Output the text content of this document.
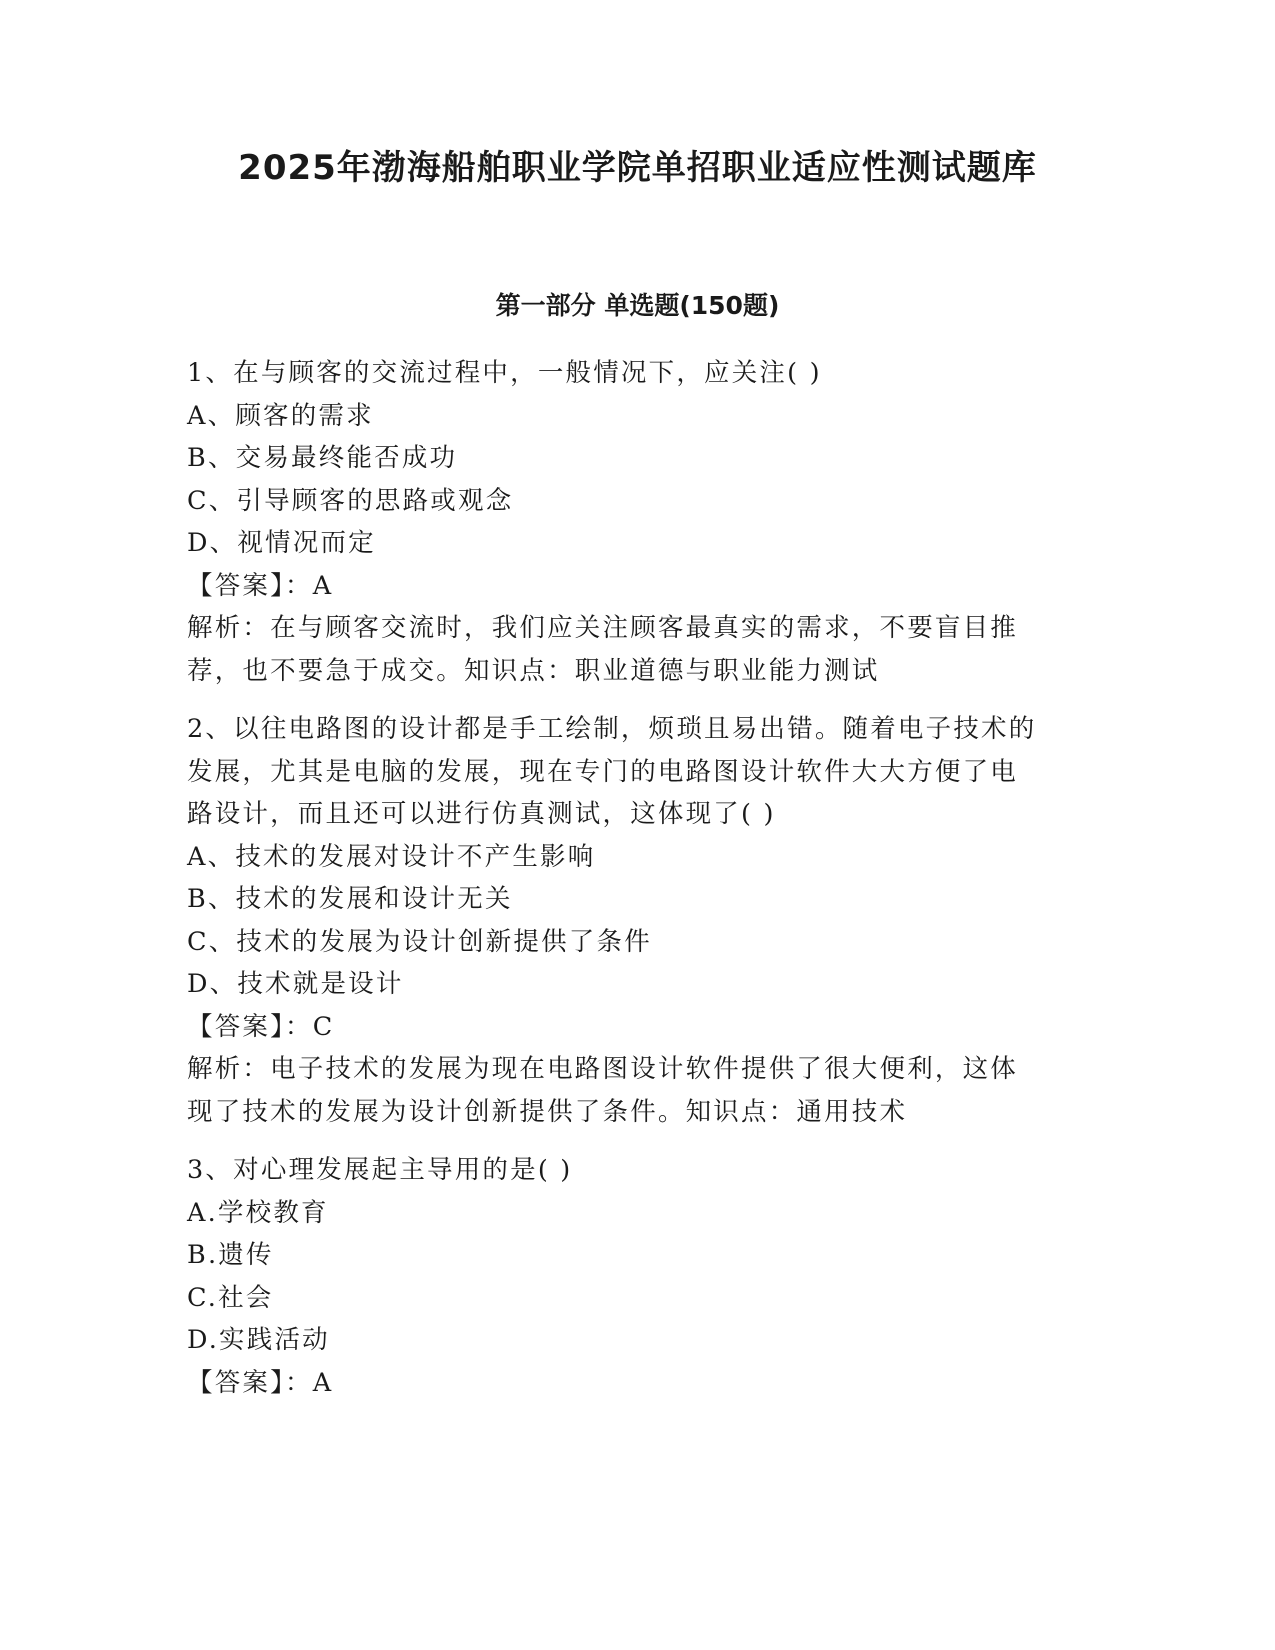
2025年渤海船舶职业学院单招职业适应性测试题库
第一部分 单选题(150题)
1、在与顾客的交流过程中，一般情况下，应关注( )
A、顾客的需求
B、交易最终能否成功
C、引导顾客的思路或观念
D、视情况而定
【答案】：A
解析：在与顾客交流时，我们应关注顾客最真实的需求，不要盲目推
荐，也不要急于成交。知识点：职业道德与职业能力测试
2、以往电路图的设计都是手工绘制，烦琐且易出错。随着电子技术的
发展，尤其是电脑的发展，现在专门的电路图设计软件大大方便了电
路设计，而且还可以进行仿真测试，这体现了( )
A、技术的发展对设计不产生影响
B、技术的发展和设计无关
C、技术的发展为设计创新提供了条件
D、技术就是设计
【答案】：C
解析：电子技术的发展为现在电路图设计软件提供了很大便利，这体
现了技术的发展为设计创新提供了条件。知识点：通用技术
3、对心理发展起主导用的是( )
A.学校教育
B.遗传
C.社会
D.实践活动
【答案】：A
